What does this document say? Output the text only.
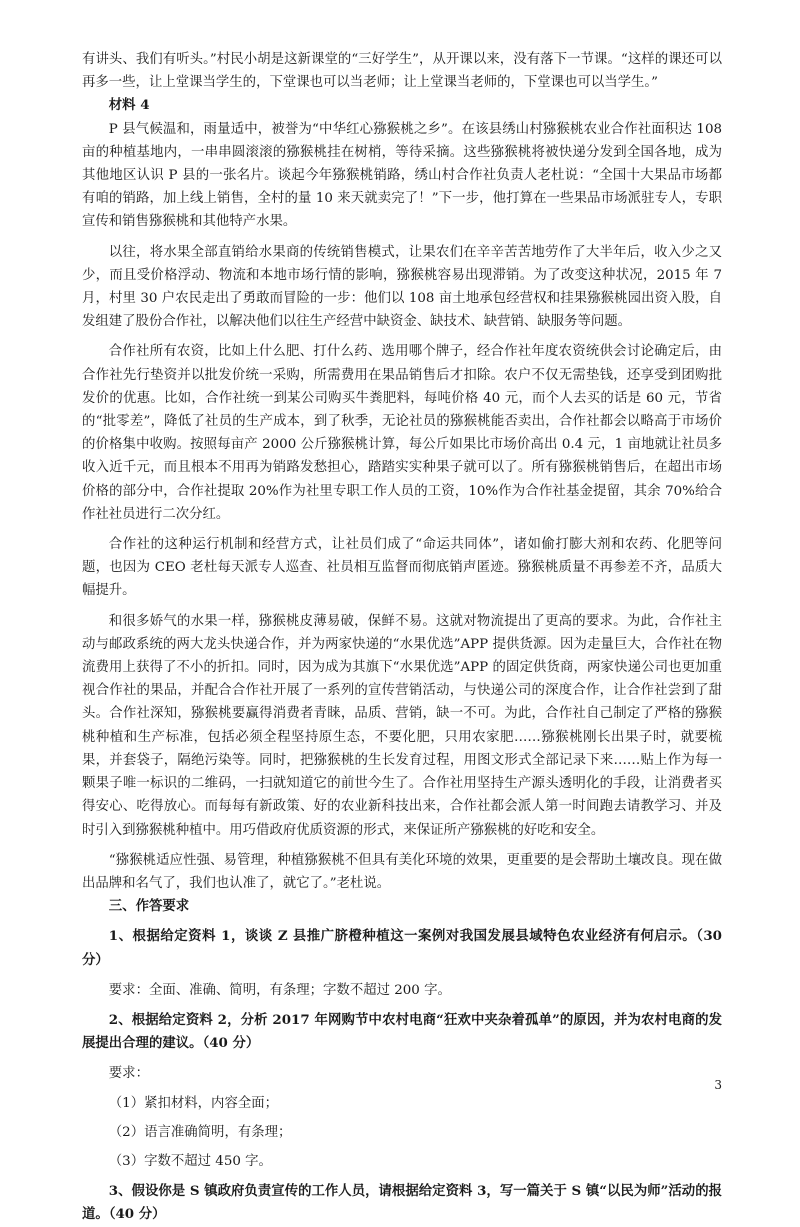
有讲头、我们有听头。”村民小胡是这新课堂的“三好学生”，从开课以来，没有落下一节课。“这样的课还可以再多一些，让上堂课当学生的，下堂课也可以当老师；让上堂课当老师的，下堂课也可以当学生。”

材料 4

P 县气候温和，雨量适中，被誉为“中华红心猕猴桃之乡”。在该县绣山村猕猴桃农业合作社面积达 108 亩的种植基地内，一串串圆滚滚的猕猴桃挂在树梢，等待采摘。这些猕猴桃将被快递分发到全国各地，成为其他地区认识 P 县的一张名片。谈起今年猕猴桃销路，绣山村合作社负责人老杜说：“全国十大果品市场都有咱的销路，加上线上销售，全村的量 10 来天就卖完了！”下一步，他打算在一些果品市场派驻专人，专职宣传和销售猕猴桃和其他特产水果。

以往，将水果全部直销给水果商的传统销售模式，让果农们在辛辛苦苦地劳作了大半年后，收入少之又少，而且受价格浮动、物流和本地市场行情的影响，猕猴桃容易出现滞销。为了改变这种状况，2015 年 7 月，村里 30 户农民走出了勇敢而冒险的一步：他们以 108 亩土地承包经营权和挂果猕猴桃园出资入股，自发组建了股份合作社，以解决他们以往生产经营中缺资金、缺技术、缺营销、缺服务等问题。

合作社所有农资，比如上什么肥、打什么药、选用哪个牌子，经合作社年度农资统供会讨论确定后，由合作社先行垫资并以批发价统一采购，所需费用在果品销售后才扣除。农户不仅无需垫钱，还享受到团购批发价的优惠。比如，合作社统一到某公司购买牛粪肥料，每吨价格 40 元，而个人去买的话是 60 元，节省的“批零差”，降低了社员的生产成本，到了秋季，无论社员的猕猴桃能否卖出，合作社都会以略高于市场价的价格集中收购。按照每亩产 2000 公斤猕猴桃计算，每公斤如果比市场价高出 0.4 元，1 亩地就让社员多收入近千元，而且根本不用再为销路发愁担心，踏踏实实种果子就可以了。所有猕猴桃销售后，在超出市场价格的部分中，合作社提取 20%作为社里专职工作人员的工资，10%作为合作社基金提留，其余 70%给合作社社员进行二次分红。

合作社的这种运行机制和经营方式，让社员们成了“命运共同体”，诸如偷打膨大剂和农药、化肥等问题，也因为 CEO 老杜每天派专人巡查、社员相互监督而彻底销声匿迹。猕猴桃质量不再参差不齐，品质大幅提升。

和很多娇气的水果一样，猕猴桃皮薄易破，保鲜不易。这就对物流提出了更高的要求。为此，合作社主动与邮政系统的两大龙头快递合作，并为两家快递的“水果优选”APP 提供货源。因为走量巨大，合作社在物流费用上获得了不小的折扣。同时，因为成为其旗下“水果优选”APP 的固定供货商，两家快递公司也更加重视合作社的果品，并配合合作社开展了一系列的宣传营销活动，与快递公司的深度合作，让合作社尝到了甜头。合作社深知，猕猴桃要赢得消费者青睐，品质、营销，缺一不可。为此，合作社自己制定了严格的猕猴桃种植和生产标准，包括必须全程坚持原生态，不要化肥，只用农家肥……猕猴桃刚长出果子时，就要梳果，并套袋子，隔绝污染等。同时，把猕猴桃的生长发育过程，用图文形式全部记录下来……贴上作为每一颗果子唯一标识的二维码，一扫就知道它的前世今生了。合作社用坚持生产源头透明化的手段，让消费者买得安心、吃得放心。而每每有新政策、好的农业新科技出来，合作社都会派人第一时间跑去请教学习、并及时引入到猕猴桃种植中。用巧借政府优质资源的形式，来保证所产猕猴桃的好吃和安全。

“猕猴桃适应性强、易管理，种植猕猴桃不但具有美化环境的效果，更重要的是会帮助土壤改良。现在做出品牌和名气了，我们也认准了，就它了。”老杜说。

三、作答要求

1、根据给定资料 1，谈谈 Z 县推广脐橙种植这一案例对我国发展县域特色农业经济有何启示。（30 分）

要求：全面、准确、简明，有条理；字数不超过 200 字。

2、根据给定资料 2，分析 2017 年网购节中农村电商“狂欢中夹杂着孤单”的原因，并为农村电商的发展提出合理的建议。（40 分）

要求：

（1）紧扣材料，内容全面；

（2）语言准确简明，有条理；

（3）字数不超过 450 字。

3、假设你是 S 镇政府负责宣传的工作人员，请根据给定资料 3，写一篇关于 S 镇“以民为师”活动的报道。（40 分）

3
